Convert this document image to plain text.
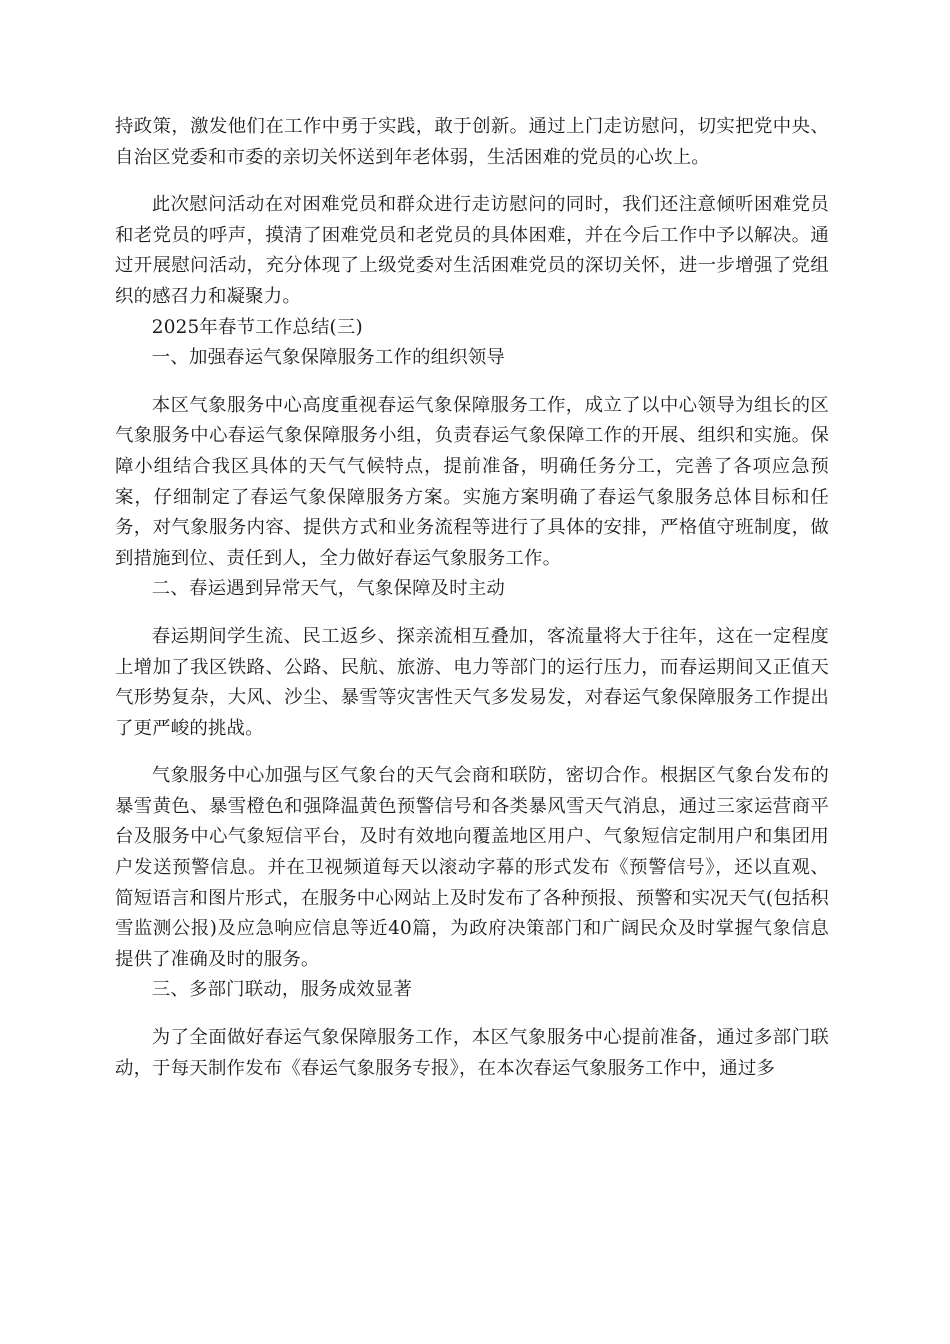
持政策，激发他们在工作中勇于实践，敢于创新。通过上门走访慰问，切实把党中央、自治区党委和市委的亲切关怀送到年老体弱，生活困难的党员的心坎上。

此次慰问活动在对困难党员和群众进行走访慰问的同时，我们还注意倾听困难党员和老党员的呼声，摸清了困难党员和老党员的具体困难，并在今后工作中予以解决。通过开展慰问活动，充分体现了上级党委对生活困难党员的深切关怀，进一步增强了党组织的感召力和凝聚力。

2025年春节工作总结(三)

一、加强春运气象保障服务工作的组织领导

本区气象服务中心高度重视春运气象保障服务工作，成立了以中心领导为组长的区气象服务中心春运气象保障服务小组，负责春运气象保障工作的开展、组织和实施。保障小组结合我区具体的天气气候特点，提前准备，明确任务分工，完善了各项应急预案，仔细制定了春运气象保障服务方案。实施方案明确了春运气象服务总体目标和任务，对气象服务内容、提供方式和业务流程等进行了具体的安排，严格值守班制度，做到措施到位、责任到人，全力做好春运气象服务工作。

二、春运遇到异常天气，气象保障及时主动

春运期间学生流、民工返乡、探亲流相互叠加，客流量将大于往年，这在一定程度上增加了我区铁路、公路、民航、旅游、电力等部门的运行压力，而春运期间又正值天气形势复杂，大风、沙尘、暴雪等灾害性天气多发易发，对春运气象保障服务工作提出了更严峻的挑战。

气象服务中心加强与区气象台的天气会商和联防，密切合作。根据区气象台发布的暴雪黄色、暴雪橙色和强降温黄色预警信号和各类暴风雪天气消息，通过三家运营商平台及服务中心气象短信平台，及时有效地向覆盖地区用户、气象短信定制用户和集团用户发送预警信息。并在卫视频道每天以滚动字幕的形式发布《预警信号》，还以直观、简短语言和图片形式，在服务中心网站上及时发布了各种预报、预警和实况天气(包括积雪监测公报)及应急响应信息等近40篇，为政府决策部门和广阔民众及时掌握气象信息提供了准确及时的服务。

三、多部门联动，服务成效显著

为了全面做好春运气象保障服务工作，本区气象服务中心提前准备，通过多部门联动，于每天制作发布《春运气象服务专报》，在本次春运气象服务工作中，通过多
